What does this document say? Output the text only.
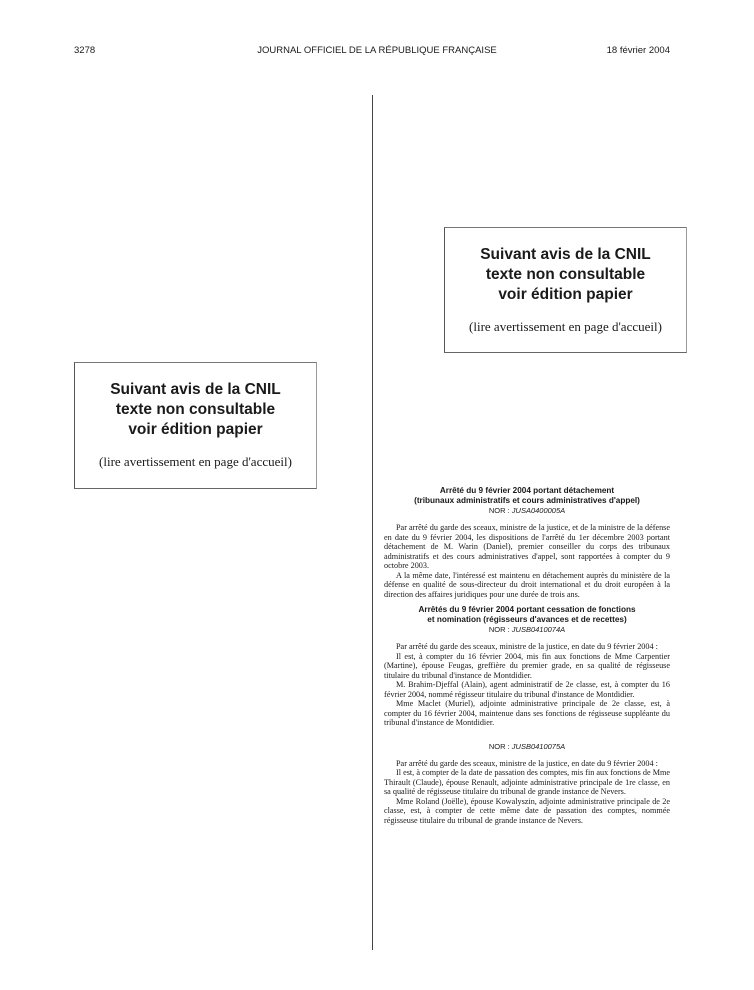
3278	JOURNAL OFFICIEL DE LA RÉPUBLIQUE FRANÇAISE	18 février 2004
Suivant avis de la CNIL
texte non consultable
voir édition papier
(lire avertissement en page d'accueil)
Suivant avis de la CNIL
texte non consultable
voir édition papier
(lire avertissement en page d'accueil)
Arrêté du 9 février 2004 portant détachement
(tribunaux administratifs et cours administratives d'appel)
NOR : JUSA0400005A

Par arrêté du garde des sceaux, ministre de la justice, et de la ministre de la défense en date du 9 février 2004, les dispositions de l'arrêté du 1er décembre 2003 portant détachement de M. Warin (Daniel), premier conseiller du corps des tribunaux administratifs et des cours administratives d'appel, sont rapportées à compter du 9 octobre 2003.

A la même date, l'intéressé est maintenu en détachement auprès du ministère de la défense en qualité de sous-directeur du droit international et du droit européen à la direction des affaires juridiques pour une durée de trois ans.

Arrêtés du 9 février 2004 portant cessation de fonctions
et nomination (régisseurs d'avances et de recettes)
NOR : JUSB0410074A

Par arrêté du garde des sceaux, ministre de la justice, en date du 9 février 2004 :

Il est, à compter du 16 février 2004, mis fin aux fonctions de Mme Carpentier (Martine), épouse Feugas, greffière du premier grade, en sa qualité de régisseuse titulaire du tribunal d'instance de Montdidier.

M. Brahim-Djeffal (Alain), agent administratif de 2e classe, est, à compter du 16 février 2004, nommé régisseur titulaire du tribunal d'instance de Montdidier.

Mme Maclet (Muriel), adjointe administrative principale de 2e classe, est, à compter du 16 février 2004, maintenue dans ses fonctions de régisseuse suppléante du tribunal d'instance de Montdidier.

NOR : JUSB0410075A

Par arrêté du garde des sceaux, ministre de la justice, en date du 9 février 2004 :

Il est, à compter de la date de passation des comptes, mis fin aux fonctions de Mme Thirault (Claude), épouse Renault, adjointe administrative principale de 1re classe, en sa qualité de régisseuse titulaire du tribunal de grande instance de Nevers.

Mme Roland (Joëlle), épouse Kowalyszin, adjointe administrative principale de 2e classe, est, à compter de cette même date de passation des comptes, nommée régisseuse titulaire du tribunal de grande instance de Nevers.
